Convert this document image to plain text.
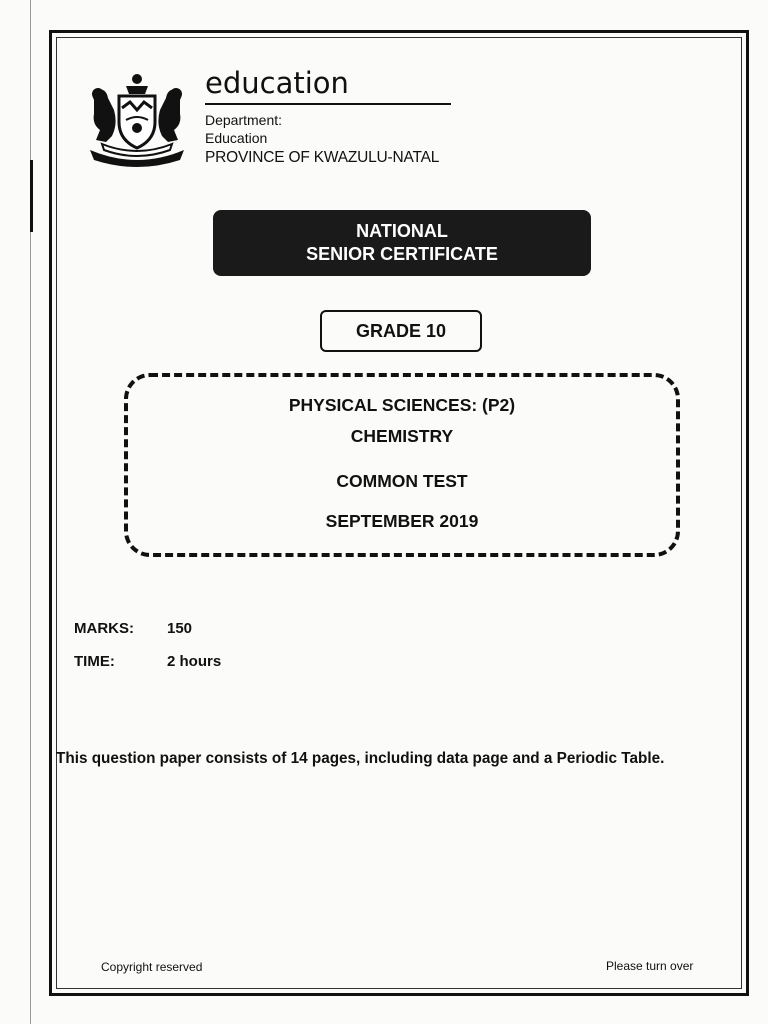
education
Department:
Education
PROVINCE OF KWAZULU-NATAL
NATIONAL
SENIOR CERTIFICATE
GRADE 10
PHYSICAL SCIENCES: (P2)
CHEMISTRY
COMMON TEST
SEPTEMBER 2019
MARKS: 150
TIME:	2 hours
This question paper consists of 14 pages, including data page and a Periodic Table.
Copyright reserved	Please turn over
